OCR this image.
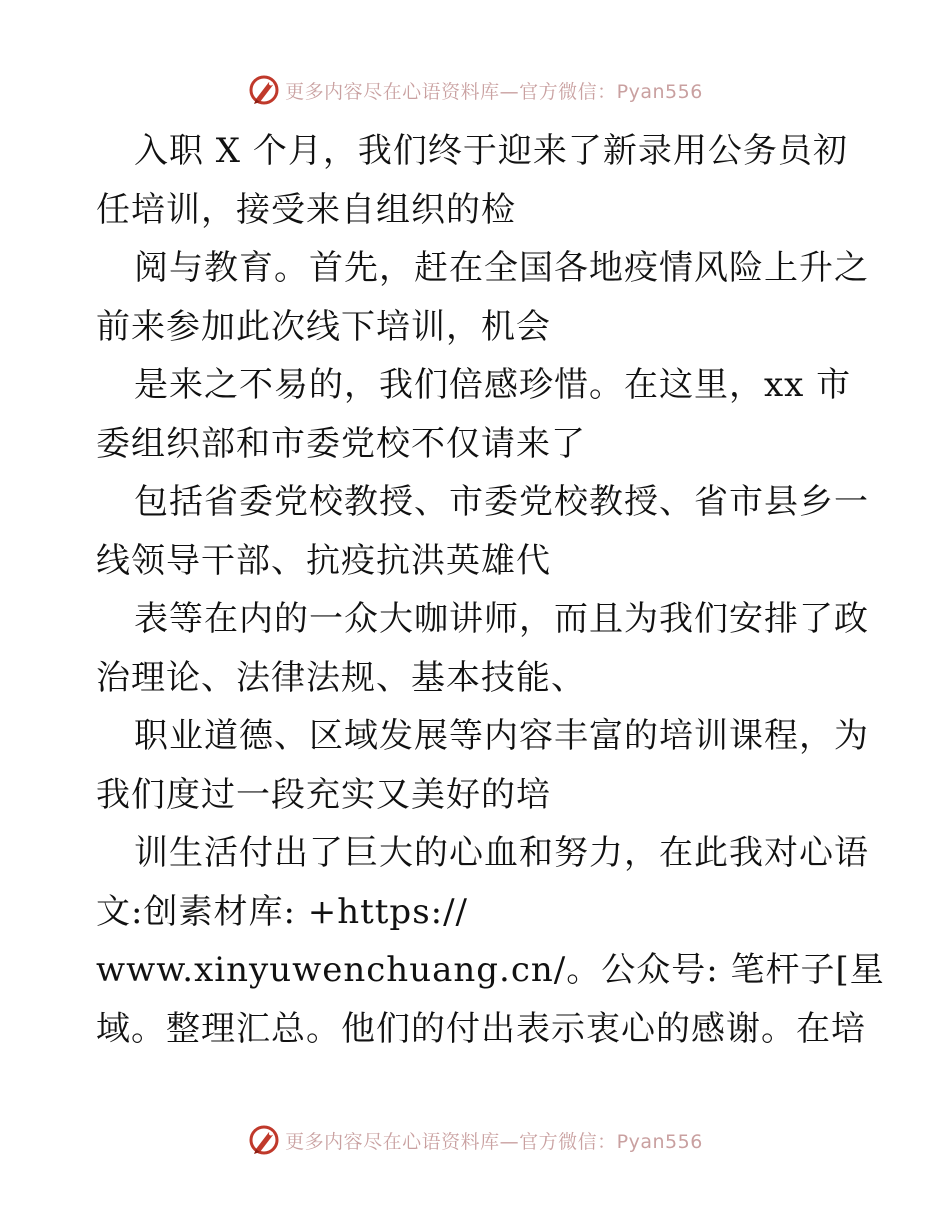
更多内容尽在心语资料库—官方微信：Pyan556
入职 X 个月，我们终于迎来了新录用公务员初
任培训，接受来自组织的检
阅与教育。首先，赶在全国各地疫情风险上升之
前来参加此次线下培训，机会
是来之不易的，我们倍感珍惜。在这里，xx 市
委组织部和市委党校不仅请来了
包括省委党校教授、市委党校教授、省市县乡一
线领导干部、抗疫抗洪英雄代
表等在内的一众大咖讲师，而且为我们安排了政
治理论、法律法规、基本技能、
职业道德、区域发展等内容丰富的培训课程，为
我们度过一段充实又美好的培
训生活付出了巨大的心血和努力，在此我对心语
文:创素材库: +https://
www.xinyuwenchuang.cn/。公众号: 笔杆子[星
域。整理汇总。他们的付出表示衷心的感谢。在培
更多内容尽在心语资料库—官方微信：Pyan556
